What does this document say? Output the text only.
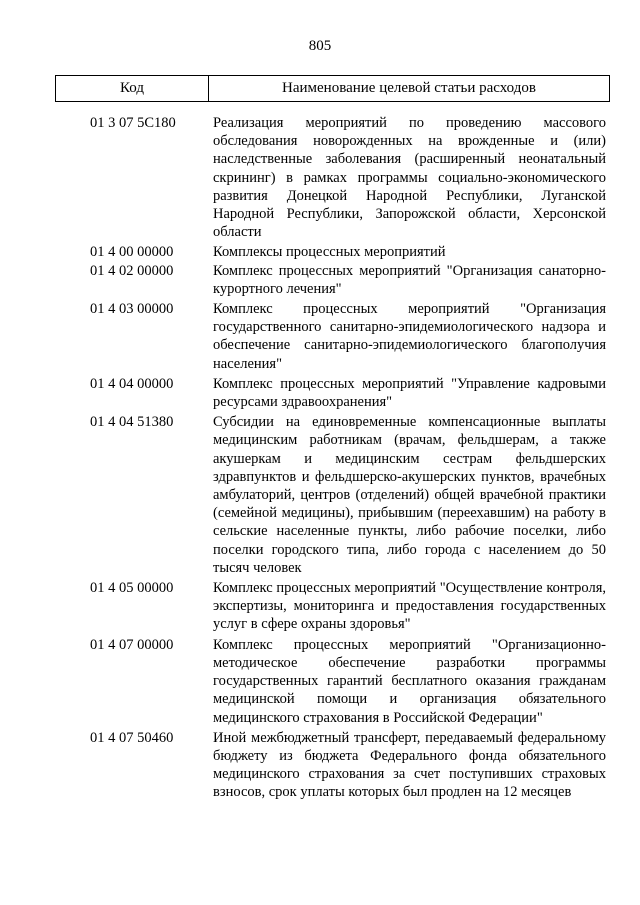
805
Код	Наименование целевой статьи расходов
01 3 07 5С180	Реализация мероприятий по проведению массового обследования новорожденных на врожденные и (или) наследственные заболевания (расширенный неонатальный скрининг) в рамках программы социально-экономического развития Донецкой Народной Республики, Луганской Народной Республики, Запорожской области, Херсонской области
01 4 00 00000	Комплексы процессных мероприятий
01 4 02 00000	Комплекс процессных мероприятий "Организация санаторно-курортного лечения"
01 4 03 00000	Комплекс процессных мероприятий "Организация государственного санитарно-эпидемиологического надзора и обеспечение санитарно-эпидемиологического благополучия населения"
01 4 04 00000	Комплекс процессных мероприятий "Управление кадровыми ресурсами здравоохранения"
01 4 04 51380	Субсидии на единовременные компенсационные выплаты медицинским работникам (врачам, фельдшерам, а также акушеркам и медицинским сестрам фельдшерских здравпунктов и фельдшерско-акушерских пунктов, врачебных амбулаторий, центров (отделений) общей врачебной практики (семейной медицины), прибывшим (переехавшим) на работу в сельские населенные пункты, либо рабочие поселки, либо поселки городского типа, либо города с населением до 50 тысяч человек
01 4 05 00000	Комплекс процессных мероприятий "Осуществление контроля, экспертизы, мониторинга и предоставления государственных услуг в сфере охраны здоровья"
01 4 07 00000	Комплекс процессных мероприятий "Организационно-методическое обеспечение разработки программы государственных гарантий бесплатного оказания гражданам медицинской помощи и организация обязательного медицинского страхования в Российской Федерации"
01 4 07 50460	Иной межбюджетный трансферт, передаваемый федеральному бюджету из бюджета Федерального фонда обязательного медицинского страхования за счет поступивших страховых взносов, срок уплаты которых был продлен на 12 месяцев
